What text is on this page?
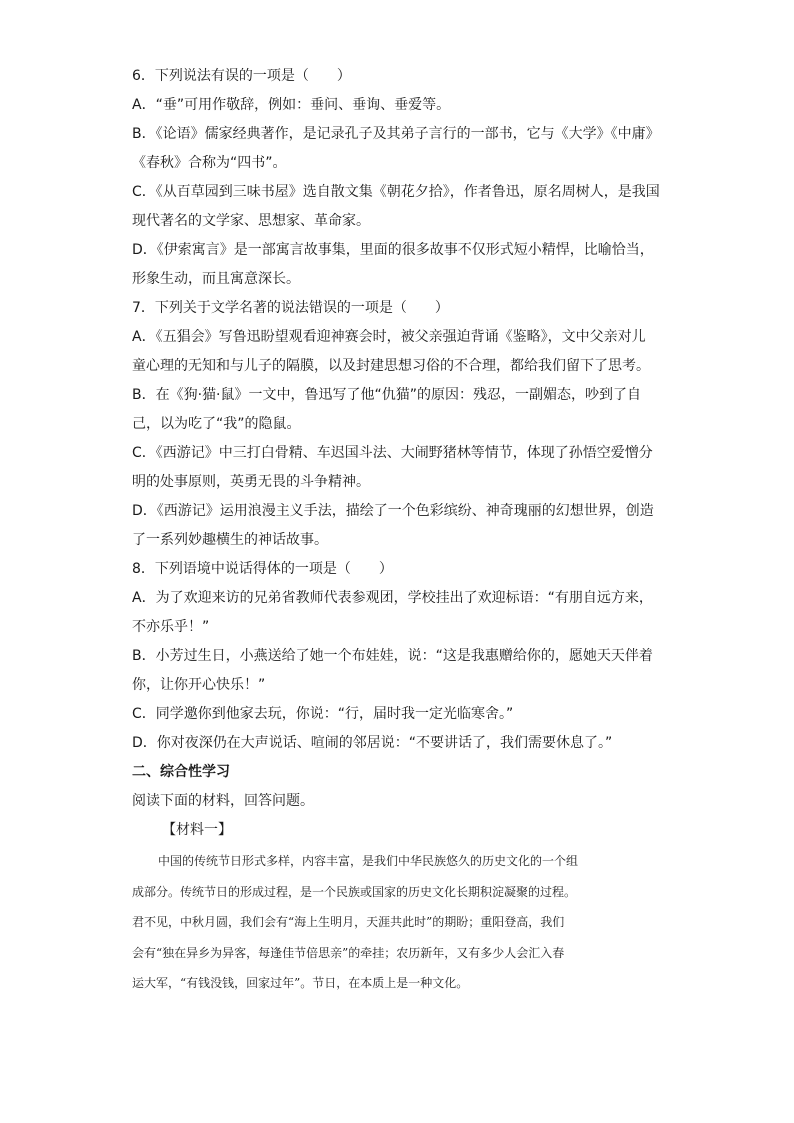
6．下列说法有误的一项是（　　）
A．“垂”可用作敬辞，例如：垂问、垂询、垂爱等。
B．《论语》儒家经典著作，是记录孔子及其弟子言行的一部书，它与《大学》《中庸》
《春秋》合称为“四书”。
C．《从百草园到三味书屋》选自散文集《朝花夕拾》，作者鲁迅，原名周树人，是我国
现代著名的文学家、思想家、革命家。
D．《伊索寓言》是一部寓言故事集，里面的很多故事不仅形式短小精悍，比喻恰当，
形象生动，而且寓意深长。
7．下列关于文学名著的说法错误的一项是（　　）
A．《五猖会》写鲁迅盼望观看迎神赛会时，被父亲强迫背诵《鉴略》，文中父亲对儿
童心理的无知和与儿子的隔膜，以及封建思想习俗的不合理，都给我们留下了思考。
B．在《狗·猫·鼠》一文中，鲁迅写了他“仇猫”的原因：残忍，一副媚态，吵到了自
己，以为吃了“我”的隐鼠。
C．《西游记》中三打白骨精、车迟国斗法、大闹野猪林等情节，体现了孙悟空爱憎分
明的处事原则，英勇无畏的斗争精神。
D．《西游记》运用浪漫主义手法，描绘了一个色彩缤纷、神奇瑰丽的幻想世界，创造
了一系列妙趣横生的神话故事。
8．下列语境中说话得体的一项是（　　）
A．为了欢迎来访的兄弟省教师代表参观团，学校挂出了欢迎标语：“有朋自远方来，
不亦乐乎！”
B．小芳过生日，小燕送给了她一个布娃娃，说：“这是我惠赠给你的，愿她天天伴着
你，让你开心快乐！”
C．同学邀你到他家去玩，你说：“行，届时我一定光临寒舍。”
D．你对夜深仍在大声说话、喧闹的邻居说：“不要讲话了，我们需要休息了。”
二、综合性学习
阅读下面的材料，回答问题。
【材料一】
中国的传统节日形式多样，内容丰富，是我们中华民族悠久的历史文化的一个组
成部分。传统节日的形成过程，是一个民族或国家的历史文化长期积淀凝聚的过程。
君不见，中秋月圆，我们会有“海上生明月，天涯共此时”的期盼；重阳登高，我们
会有“独在异乡为异客，每逢佳节倍思亲”的牵挂；农历新年，又有多少人会汇入春
运大军，“有钱没钱，回家过年”。节日，在本质上是一种文化。
